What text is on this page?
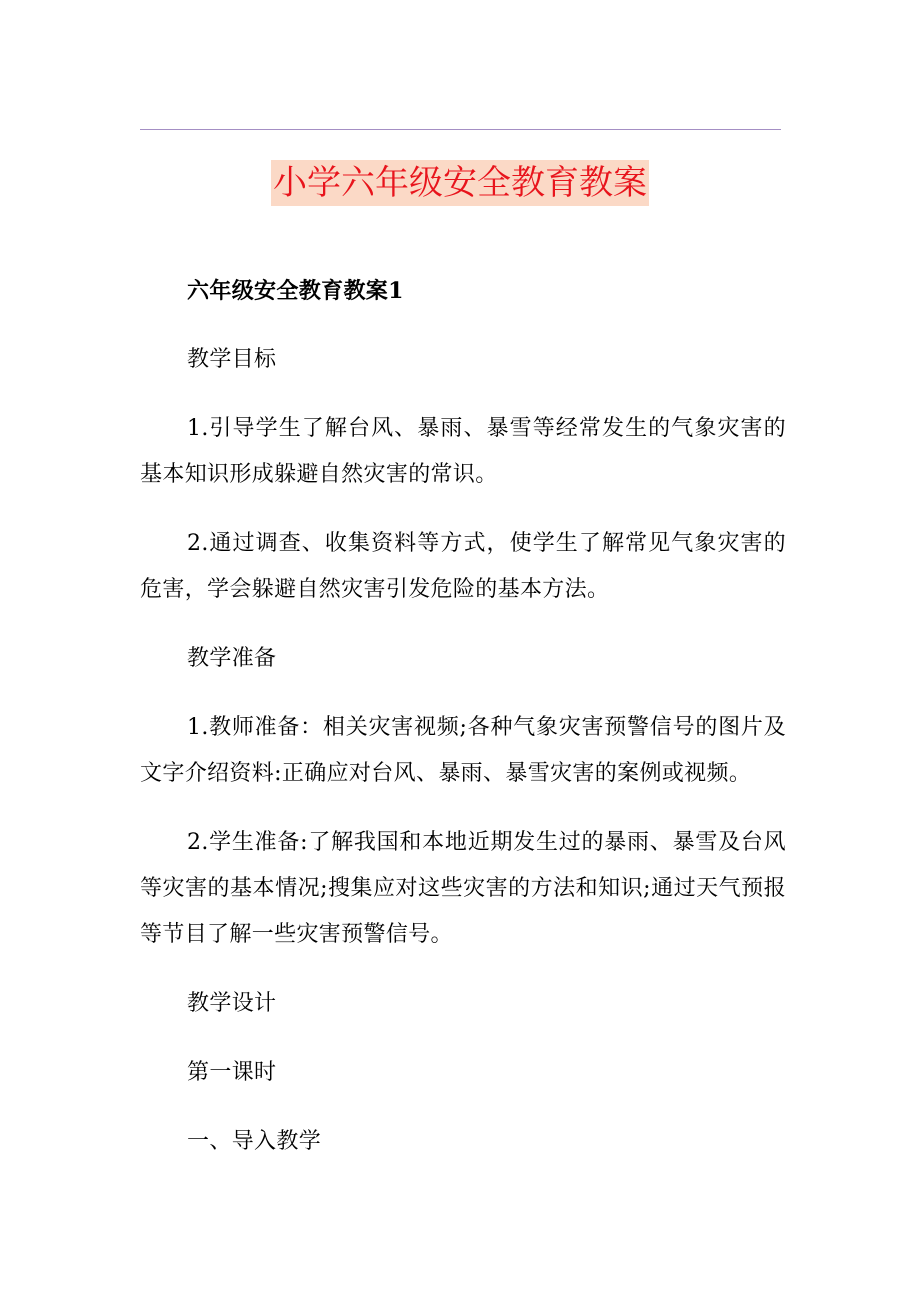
小学六年级安全教育教案

六年级安全教育教案1

教学目标

1.引导学生了解台风、暴雨、暴雪等经常发生的气象灾害的基本知识形成躲避自然灾害的常识。

2.通过调查、收集资料等方式，使学生了解常见气象灾害的危害，学会躲避自然灾害引发危险的基本方法。

教学准备

1.教师准备：相关灾害视频;各种气象灾害预警信号的图片及文字介绍资料:正确应对台风、暴雨、暴雪灾害的案例或视频。

2.学生准备:了解我国和本地近期发生过的暴雨、暴雪及台风等灾害的基本情况;搜集应对这些灾害的方法和知识;通过天气预报等节目了解一些灾害预警信号。

教学设计

第一课时

一、导入教学
